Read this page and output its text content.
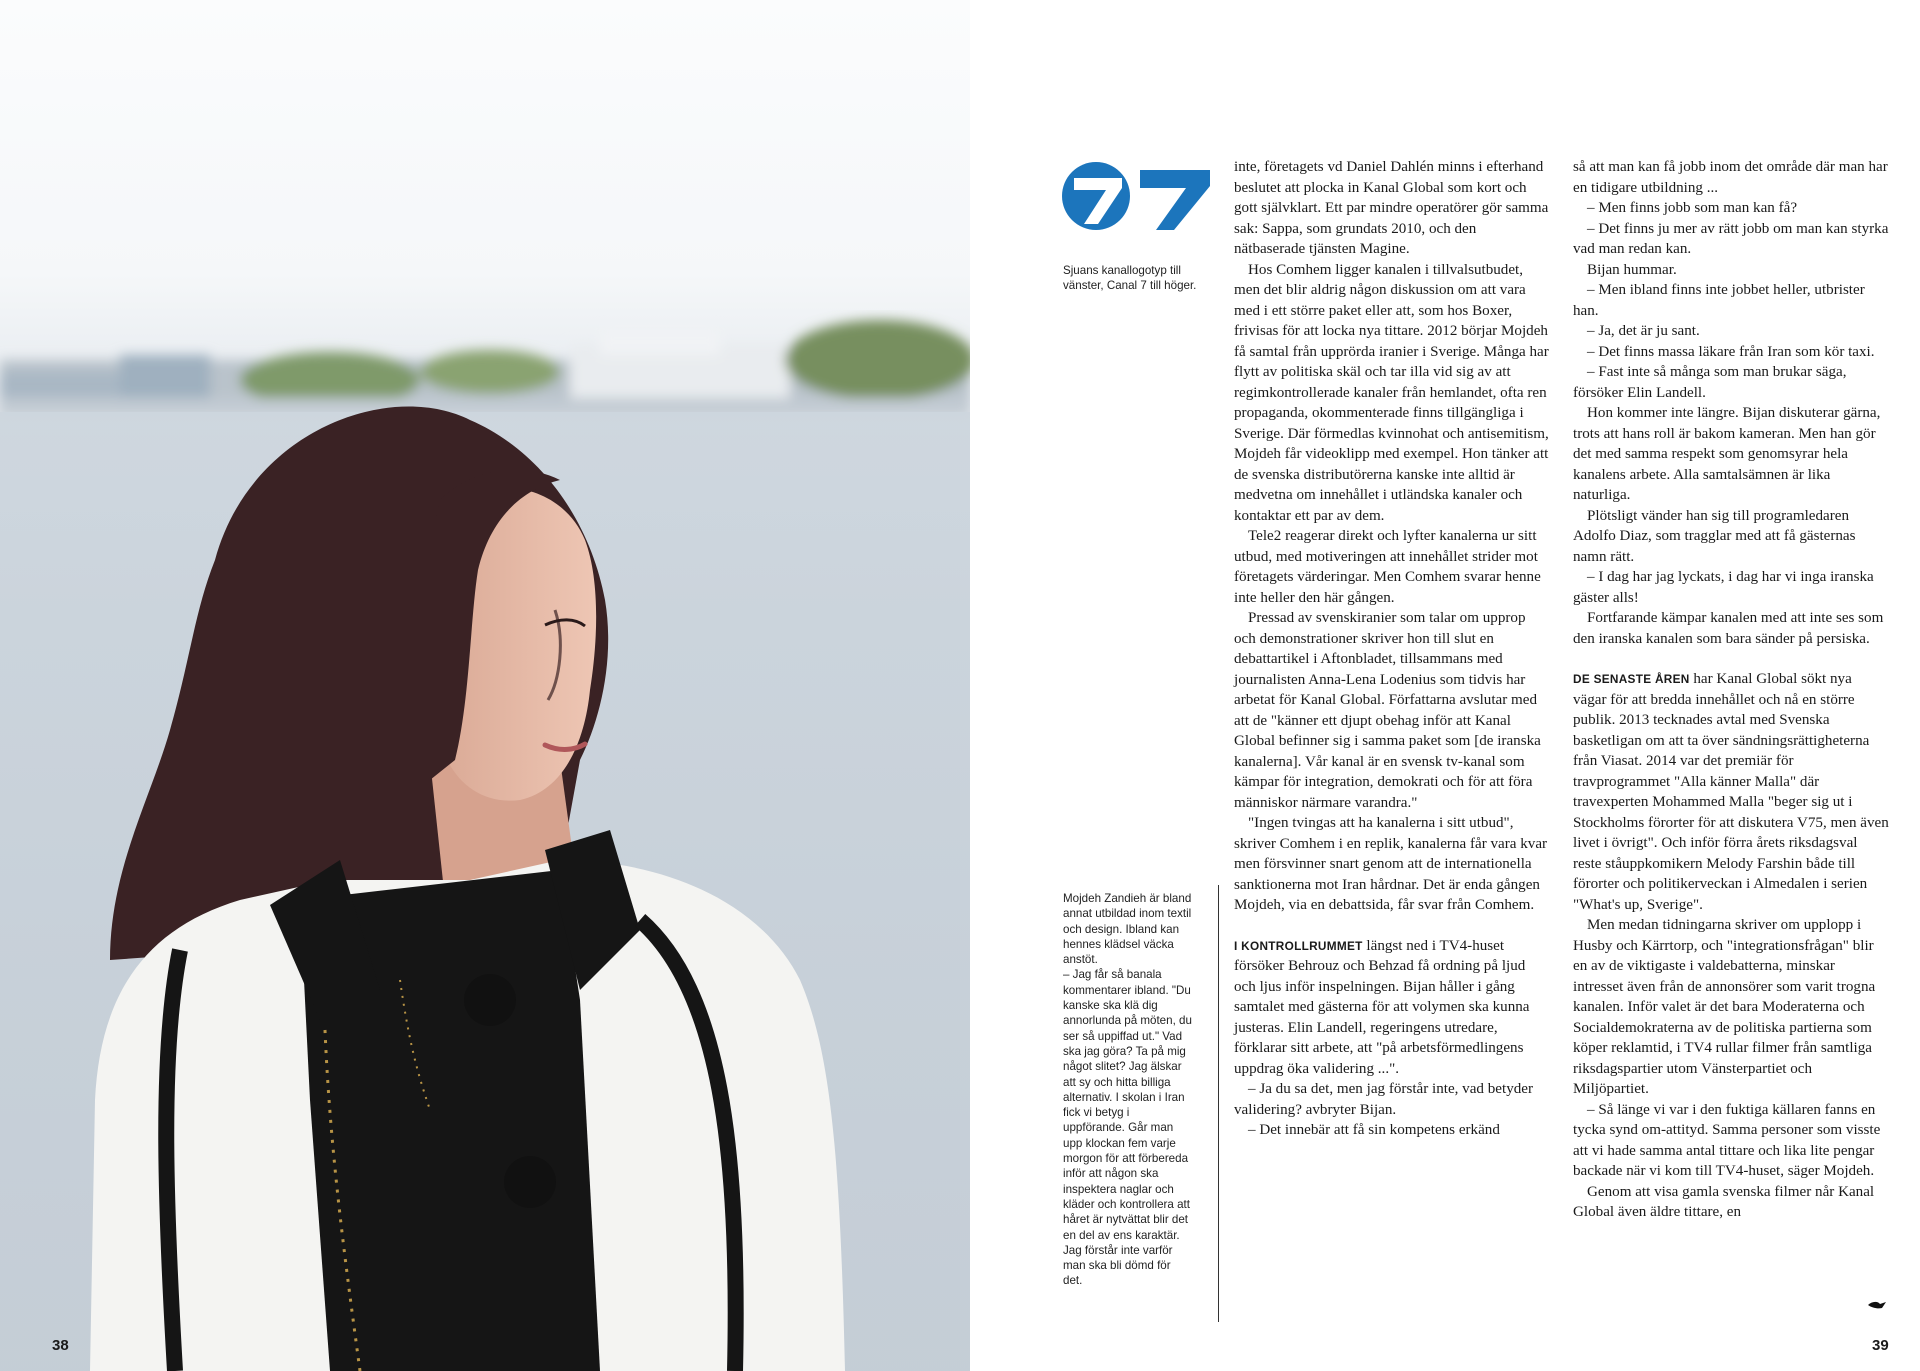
38

Sjuans kanallogotyp till vänster, Canal 7 till höger.

Mojdeh Zandieh är bland annat utbildad inom textil och design. Ibland kan hennes klädsel väcka anstöt.

– Jag får så banala kommentarer ibland. "Du kanske ska klä dig annorlunda på möten, du ser så uppiffad ut." Vad ska jag göra? Ta på mig något slitet? Jag älskar att sy och hitta billiga alternativ. I skolan i Iran fick vi betyg i uppförande. Går man upp klockan fem varje morgon för att förbereda inför att någon ska inspektera naglar och kläder och kontrollera att håret är nytvättat blir det en del av ens karaktär. Jag förstår inte varför man ska bli dömd för det.

inte, företagets vd Daniel Dahlén minns i efterhand beslutet att plocka in Kanal Global som kort och gott självklart. Ett par mindre operatörer gör samma sak: Sappa, som grundats 2010, och den nätbaserade tjänsten Magine.

Hos Comhem ligger kanalen i tillvalsutbudet, men det blir aldrig någon diskussion om att vara med i ett större paket eller att, som hos Boxer, frivisas för att locka nya tittare. 2012 börjar Mojdeh få samtal från upprörda iranier i Sverige. Många har flytt av politiska skäl och tar illa vid sig av att regimkontrollerade kanaler från hemlandet, ofta ren propaganda, okommenterade finns tillgängliga i Sverige. Där förmedlas kvinnohat och antisemitism, Mojdeh får videoklipp med exempel. Hon tänker att de svenska distributörerna kanske inte alltid är medvetna om innehållet i utländska kanaler och kontaktar ett par av dem.

Tele2 reagerar direkt och lyfter kanalerna ur sitt utbud, med motiveringen att innehållet strider mot företagets värderingar. Men Comhem svarar henne inte heller den här gången.

Pressad av svenskiranier som talar om upprop och demonstrationer skriver hon till slut en debattartikel i Aftonbladet, tillsammans med journalisten Anna-Lena Lodenius som tidvis har arbetat för Kanal Global. Författarna avslutar med att de "känner ett djupt obehag inför att Kanal Global befinner sig i samma paket som [de iranska kanalerna]. Vår kanal är en svensk tv-kanal som kämpar för integration, demokrati och för att föra människor närmare varandra."

"Ingen tvingas att ha kanalerna i sitt utbud", skriver Comhem i en replik, kanalerna får vara kvar men försvinner snart genom att de internationella sanktionerna mot Iran hårdnar. Det är enda gången Mojdeh, via en debattsida, får svar från Comhem.

I KONTROLLRUMMET längst ned i TV4-huset försöker Behrouz och Behzad få ordning på ljud och ljus inför inspelningen. Bijan håller i gång samtalet med gästerna för att volymen ska kunna justeras. Elin Landell, regeringens utredare, förklarar sitt arbete, att "på arbetsförmedlingens uppdrag öka validering ...".

– Ja du sa det, men jag förstår inte, vad betyder validering? avbryter Bijan.

– Det innebär att få sin kompetens erkänd

så att man kan få jobb inom det område där man har en tidigare utbildning ...

– Men finns jobb som man kan få?

– Det finns ju mer av rätt jobb om man kan styrka vad man redan kan.

Bijan hummar.

– Men ibland finns inte jobbet heller, utbrister han.

– Ja, det är ju sant.

– Det finns massa läkare från Iran som kör taxi.

– Fast inte så många som man brukar säga, försöker Elin Landell.

Hon kommer inte längre. Bijan diskuterar gärna, trots att hans roll är bakom kameran. Men han gör det med samma respekt som genomsyrar hela kanalens arbete. Alla samtalsämnen är lika naturliga.

Plötsligt vänder han sig till programledaren Adolfo Diaz, som tragglar med att få gästernas namn rätt.

– I dag har jag lyckats, i dag har vi inga iranska gäster alls!

Fortfarande kämpar kanalen med att inte ses som den iranska kanalen som bara sänder på persiska.

DE SENASTE ÅREN har Kanal Global sökt nya vägar för att bredda innehållet och nå en större publik. 2013 tecknades avtal med Svenska basketligan om att ta över sändningsrättigheterna från Viasat. 2014 var det premiär för travprogrammet "Alla känner Malla" där travexperten Mohammed Malla "beger sig ut i Stockholms förorter för att diskutera V75, men även livet i övrigt". Och inför förra årets riksdagsval reste ståuppkomikern Melody Farshin både till förorter och politikerveckan i Almedalen i serien "What's up, Sverige".

Men medan tidningarna skriver om upplopp i Husby och Kärrtorp, och "integrationsfrågan" blir en av de viktigaste i valdebatterna, minskar intresset även från de annonsörer som varit trogna kanalen. Inför valet är det bara Moderaterna och Socialdemokraterna av de politiska partierna som köper reklamtid, i TV4 rullar filmer från samtliga riksdagspartier utom Vänsterpartiet och Miljöpartiet.

– Så länge vi var i den fuktiga källaren fanns en tycka synd om-attityd. Samma personer som visste att vi hade samma antal tittare och lika lite pengar backade när vi kom till TV4-huset, säger Mojdeh.

Genom att visa gamla svenska filmer når Kanal Global även äldre tittare, en

39
